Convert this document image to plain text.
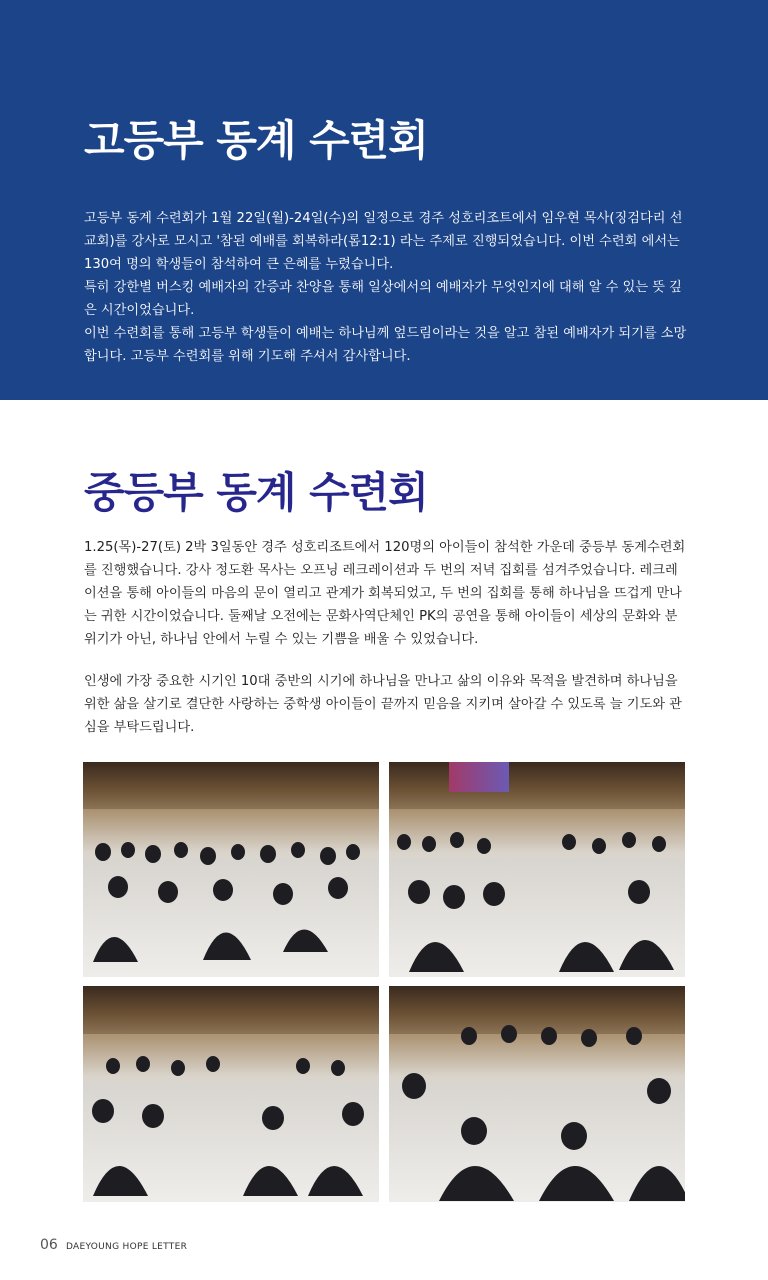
고등부 동계 수련회

고등부 동계 수련회가 1월 22일(월)-24일(수)의 일정으로 경주 성호리조트에서 임우현 목사(징검다리 선교회)를 강사로 모시고 '참된 예배를 회복하라(롬12:1) 라는 주제로 진행되었습니다. 이번 수련회 에서는 130여 명의 학생들이 참석하여 큰 은혜를 누렸습니다.

특히 강한별 버스킹 예배자의 간증과 찬양을 통해 일상에서의 예배자가 무엇인지에 대해 알 수 있는 뜻 깊은 시간이었습니다.

이번 수련회를 통해 고등부 학생들이 예배는 하나님께 엎드림이라는 것을 알고 참된 예배자가 되기를 소망합니다. 고등부 수련회를 위해 기도해 주셔서 감사합니다.

중등부 동계 수련회

1.25(목)-27(토) 2박 3일동안 경주 성호리조트에서 120명의 아이들이 참석한 가운데 중등부 동계수련회를 진행했습니다. 강사 정도환 목사는 오프닝 레크레이션과 두 번의 저녁 집회를 섬겨주었습니다. 레크레이션을 통해 아이들의 마음의 문이 열리고 관계가 회복되었고, 두 번의 집회를 통해 하나님을 뜨겁게 만나는 귀한 시간이었습니다. 둘째날 오전에는 문화사역단체인 PK의 공연을 통해 아이들이 세상의 문화와 분위기가 아닌, 하나님 안에서 누릴 수 있는 기쁨을 배울 수 있었습니다.

인생에 가장 중요한 시기인 10대 중반의 시기에 하나님을 만나고 삶의 이유와 목적을 발견하며 하나님을 위한 삶을 살기로 결단한 사랑하는 중학생 아이들이 끝까지 믿음을 지키며 살아갈 수 있도록 늘 기도와 관심을 부탁드립니다.

06 DAEYOUNG HOPE LETTER
